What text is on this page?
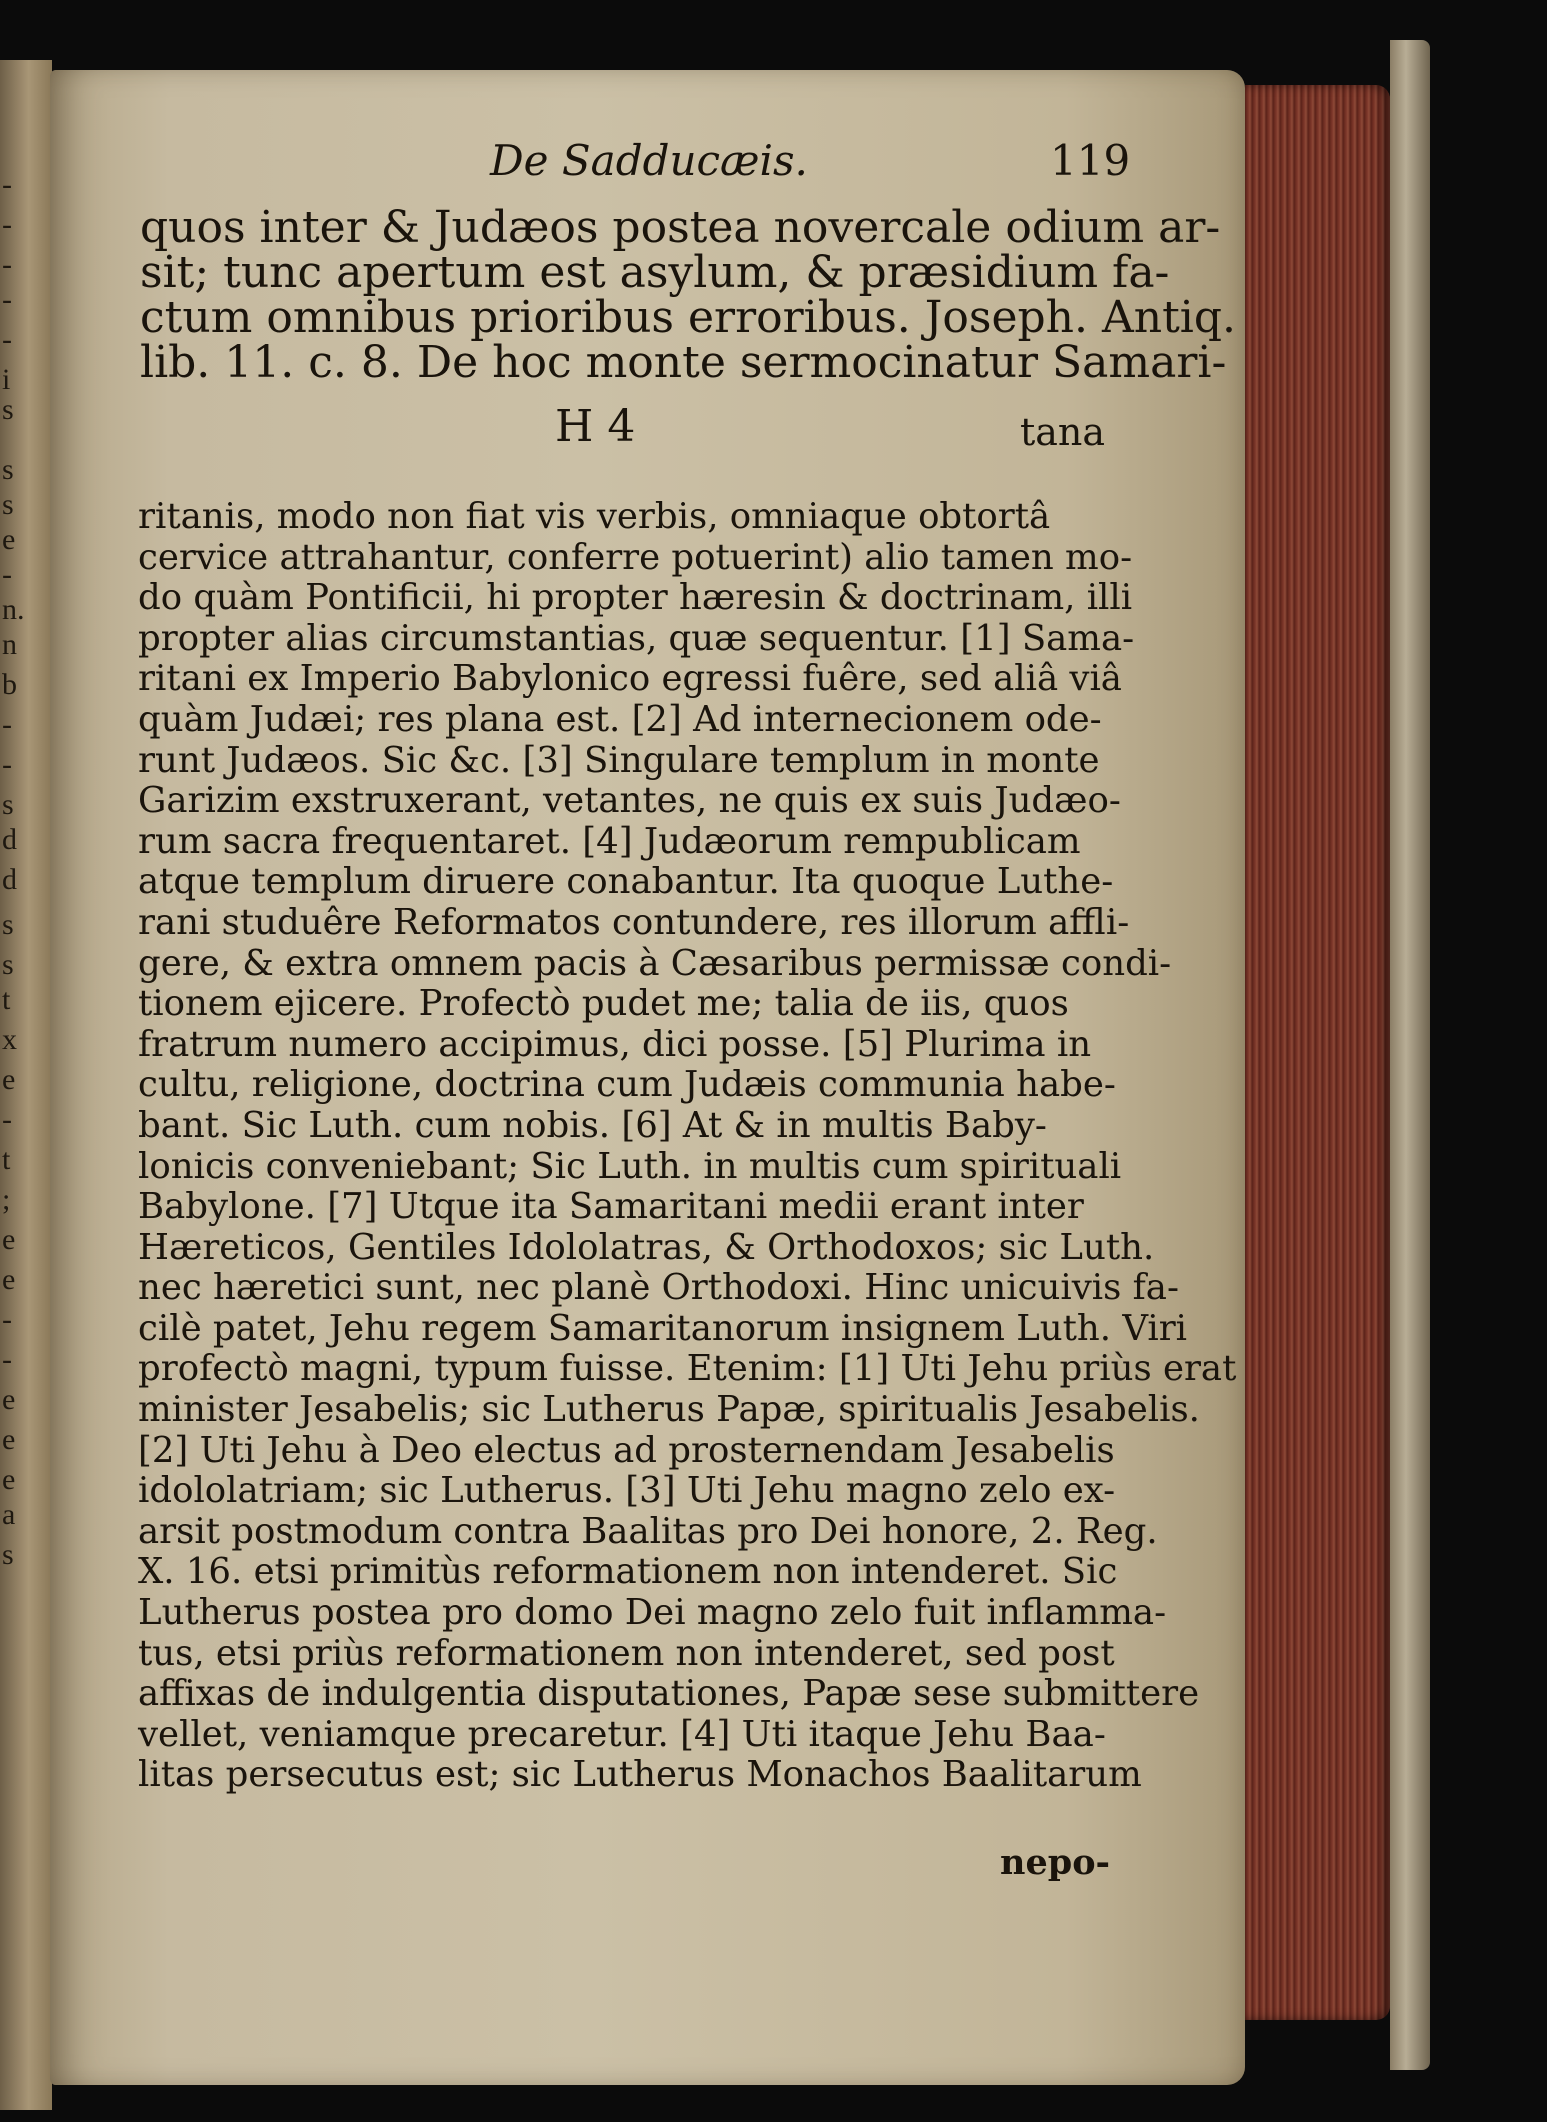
-
-
-
-
-
i
s
s
s
e
-
n.
n
b
-
-
s
d
d
s
s
t
x
e
-
t
;
e
e
-
-
e
e
e
a
s
De Sadducæis.	119
quos inter & Judæos postea novercale odium ar-
sit; tunc apertum est asylum, & præsidium fa-
ctum omnibus prioribus erroribus. Joseph. Antiq.
lib. 11. c. 8. De hoc monte sermocinatur Samari-
H 4	tana
ritanis, modo non fiat vis verbis, omniaque obtortâ
cervice attrahantur, conferre potuerint) alio tamen mo-
do quàm Pontificii, hi propter hæresin & doctrinam, illi
propter alias circumstantias, quæ sequentur. [1] Sama-
ritani ex Imperio Babylonico egressi fuêre, sed aliâ viâ
quàm Judæi; res plana est. [2] Ad internecionem ode-
runt Judæos. Sic &c. [3] Singulare templum in monte
Garizim exstruxerant, vetantes, ne quis ex suis Judæo-
rum sacra frequentaret. [4] Judæorum rempublicam
atque templum diruere conabantur. Ita quoque Luthe-
rani studuêre Reformatos contundere, res illorum affli-
gere, & extra omnem pacis à Cæsaribus permissæ condi-
tionem ejicere. Profectò pudet me; talia de iis, quos
fratrum numero accipimus, dici posse. [5] Plurima in
cultu, religione, doctrina cum Judæis communia habe-
bant. Sic Luth. cum nobis. [6] At & in multis Baby-
lonicis conveniebant; Sic Luth. in multis cum spirituali
Babylone. [7] Utque ita Samaritani medii erant inter
Hæreticos, Gentiles Idololatras, & Orthodoxos; sic Luth.
nec hæretici sunt, nec planè Orthodoxi. Hinc unicuivis fa-
cilè patet, Jehu regem Samaritanorum insignem Luth. Viri
profectò magni, typum fuisse. Etenim: [1] Uti Jehu priùs erat
minister Jesabelis; sic Lutherus Papæ, spiritualis Jesabelis.
[2] Uti Jehu à Deo electus ad prosternendam Jesabelis
idololatriam; sic Lutherus. [3] Uti Jehu magno zelo ex-
arsit postmodum contra Baalitas pro Dei honore, 2. Reg.
X. 16. etsi primitùs reformationem non intenderet. Sic
Lutherus postea pro domo Dei magno zelo fuit inflamma-
tus, etsi priùs reformationem non intenderet, sed post
affixas de indulgentia disputationes, Papæ sese submittere
vellet, veniamque precaretur. [4] Uti itaque Jehu Baa-
litas persecutus est; sic Lutherus Monachos Baalitarum
nepo-
